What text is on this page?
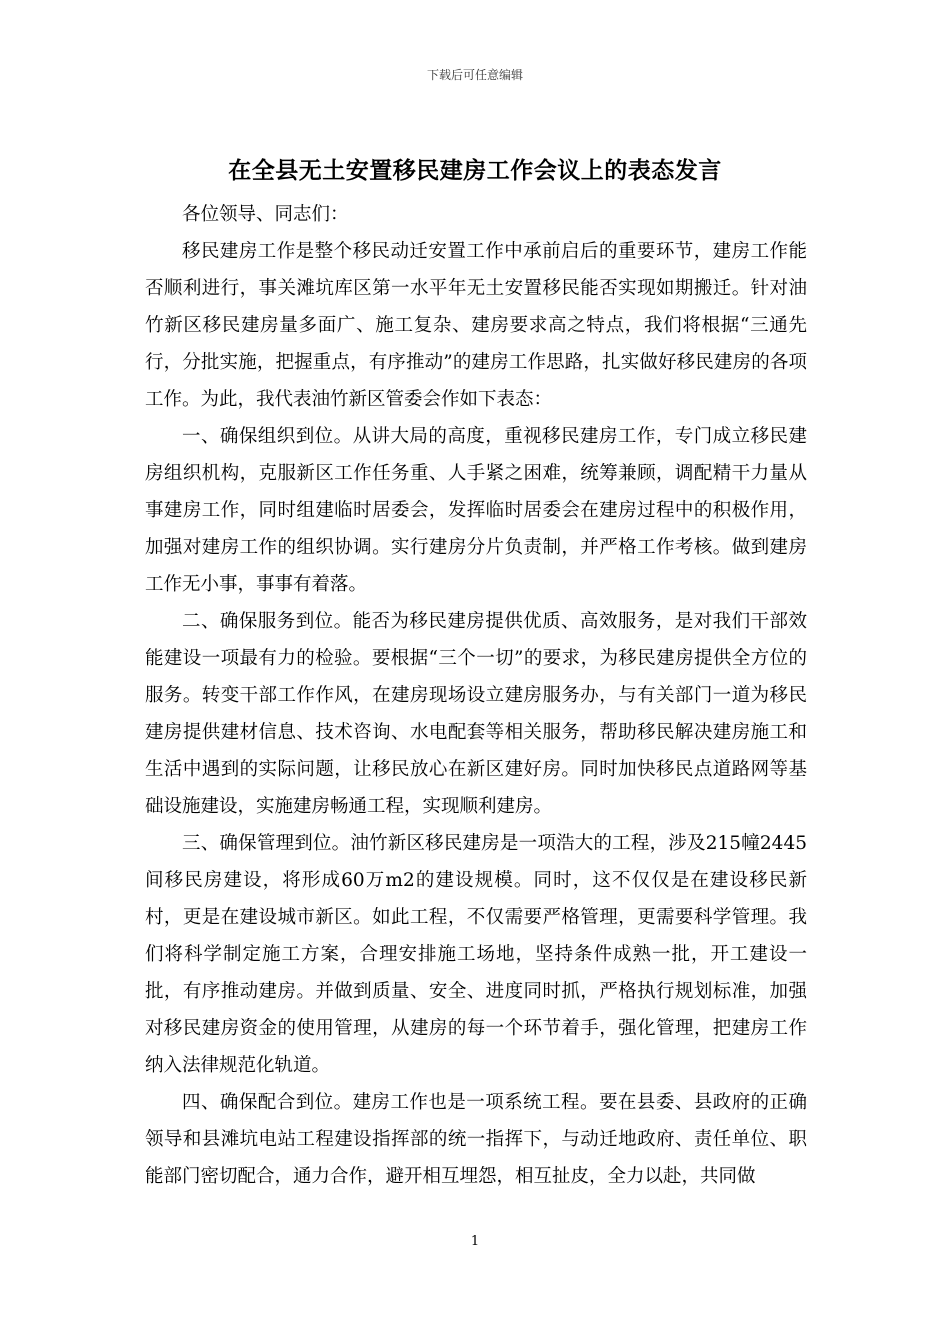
下载后可任意编辑
在全县无土安置移民建房工作会议上的表态发言

各位领导、同志们：

移民建房工作是整个移民动迁安置工作中承前启后的重要环节，建房工作能否顺利进行，事关滩坑库区第一水平年无土安置移民能否实现如期搬迁。针对油竹新区移民建房量多面广、施工复杂、建房要求高之特点，我们将根据“三通先行，分批实施，把握重点，有序推动”的建房工作思路，扎实做好移民建房的各项工作。为此，我代表油竹新区管委会作如下表态：

一、确保组织到位。从讲大局的高度，重视移民建房工作，专门成立移民建房组织机构，克服新区工作任务重、人手紧之困难，统筹兼顾，调配精干力量从事建房工作，同时组建临时居委会，发挥临时居委会在建房过程中的积极作用，加强对建房工作的组织协调。实行建房分片负责制，并严格工作考核。做到建房工作无小事，事事有着落。

二、确保服务到位。能否为移民建房提供优质、高效服务，是对我们干部效能建设一项最有力的检验。要根据“三个一切”的要求，为移民建房提供全方位的服务。转变干部工作作风，在建房现场设立建房服务办，与有关部门一道为移民建房提供建材信息、技术咨询、水电配套等相关服务，帮助移民解决建房施工和生活中遇到的实际问题，让移民放心在新区建好房。同时加快移民点道路网等基础设施建设，实施建房畅通工程，实现顺利建房。

三、确保管理到位。油竹新区移民建房是一项浩大的工程，涉及215幢2445间移民房建设，将形成60万m2的建设规模。同时，这不仅仅是在建设移民新村，更是在建设城市新区。如此工程，不仅需要严格管理，更需要科学管理。我们将科学制定施工方案，合理安排施工场地，坚持条件成熟一批，开工建设一批，有序推动建房。并做到质量、安全、进度同时抓，严格执行规划标准，加强对移民建房资金的使用管理，从建房的每一个环节着手，强化管理，把建房工作纳入法律规范化轨道。

四、确保配合到位。建房工作也是一项系统工程。要在县委、县政府的正确领导和县滩坑电站工程建设指挥部的统一指挥下，与动迁地政府、责任单位、职能部门密切配合，通力合作，避开相互埋怨，相互扯皮，全力以赴，共同做

1
